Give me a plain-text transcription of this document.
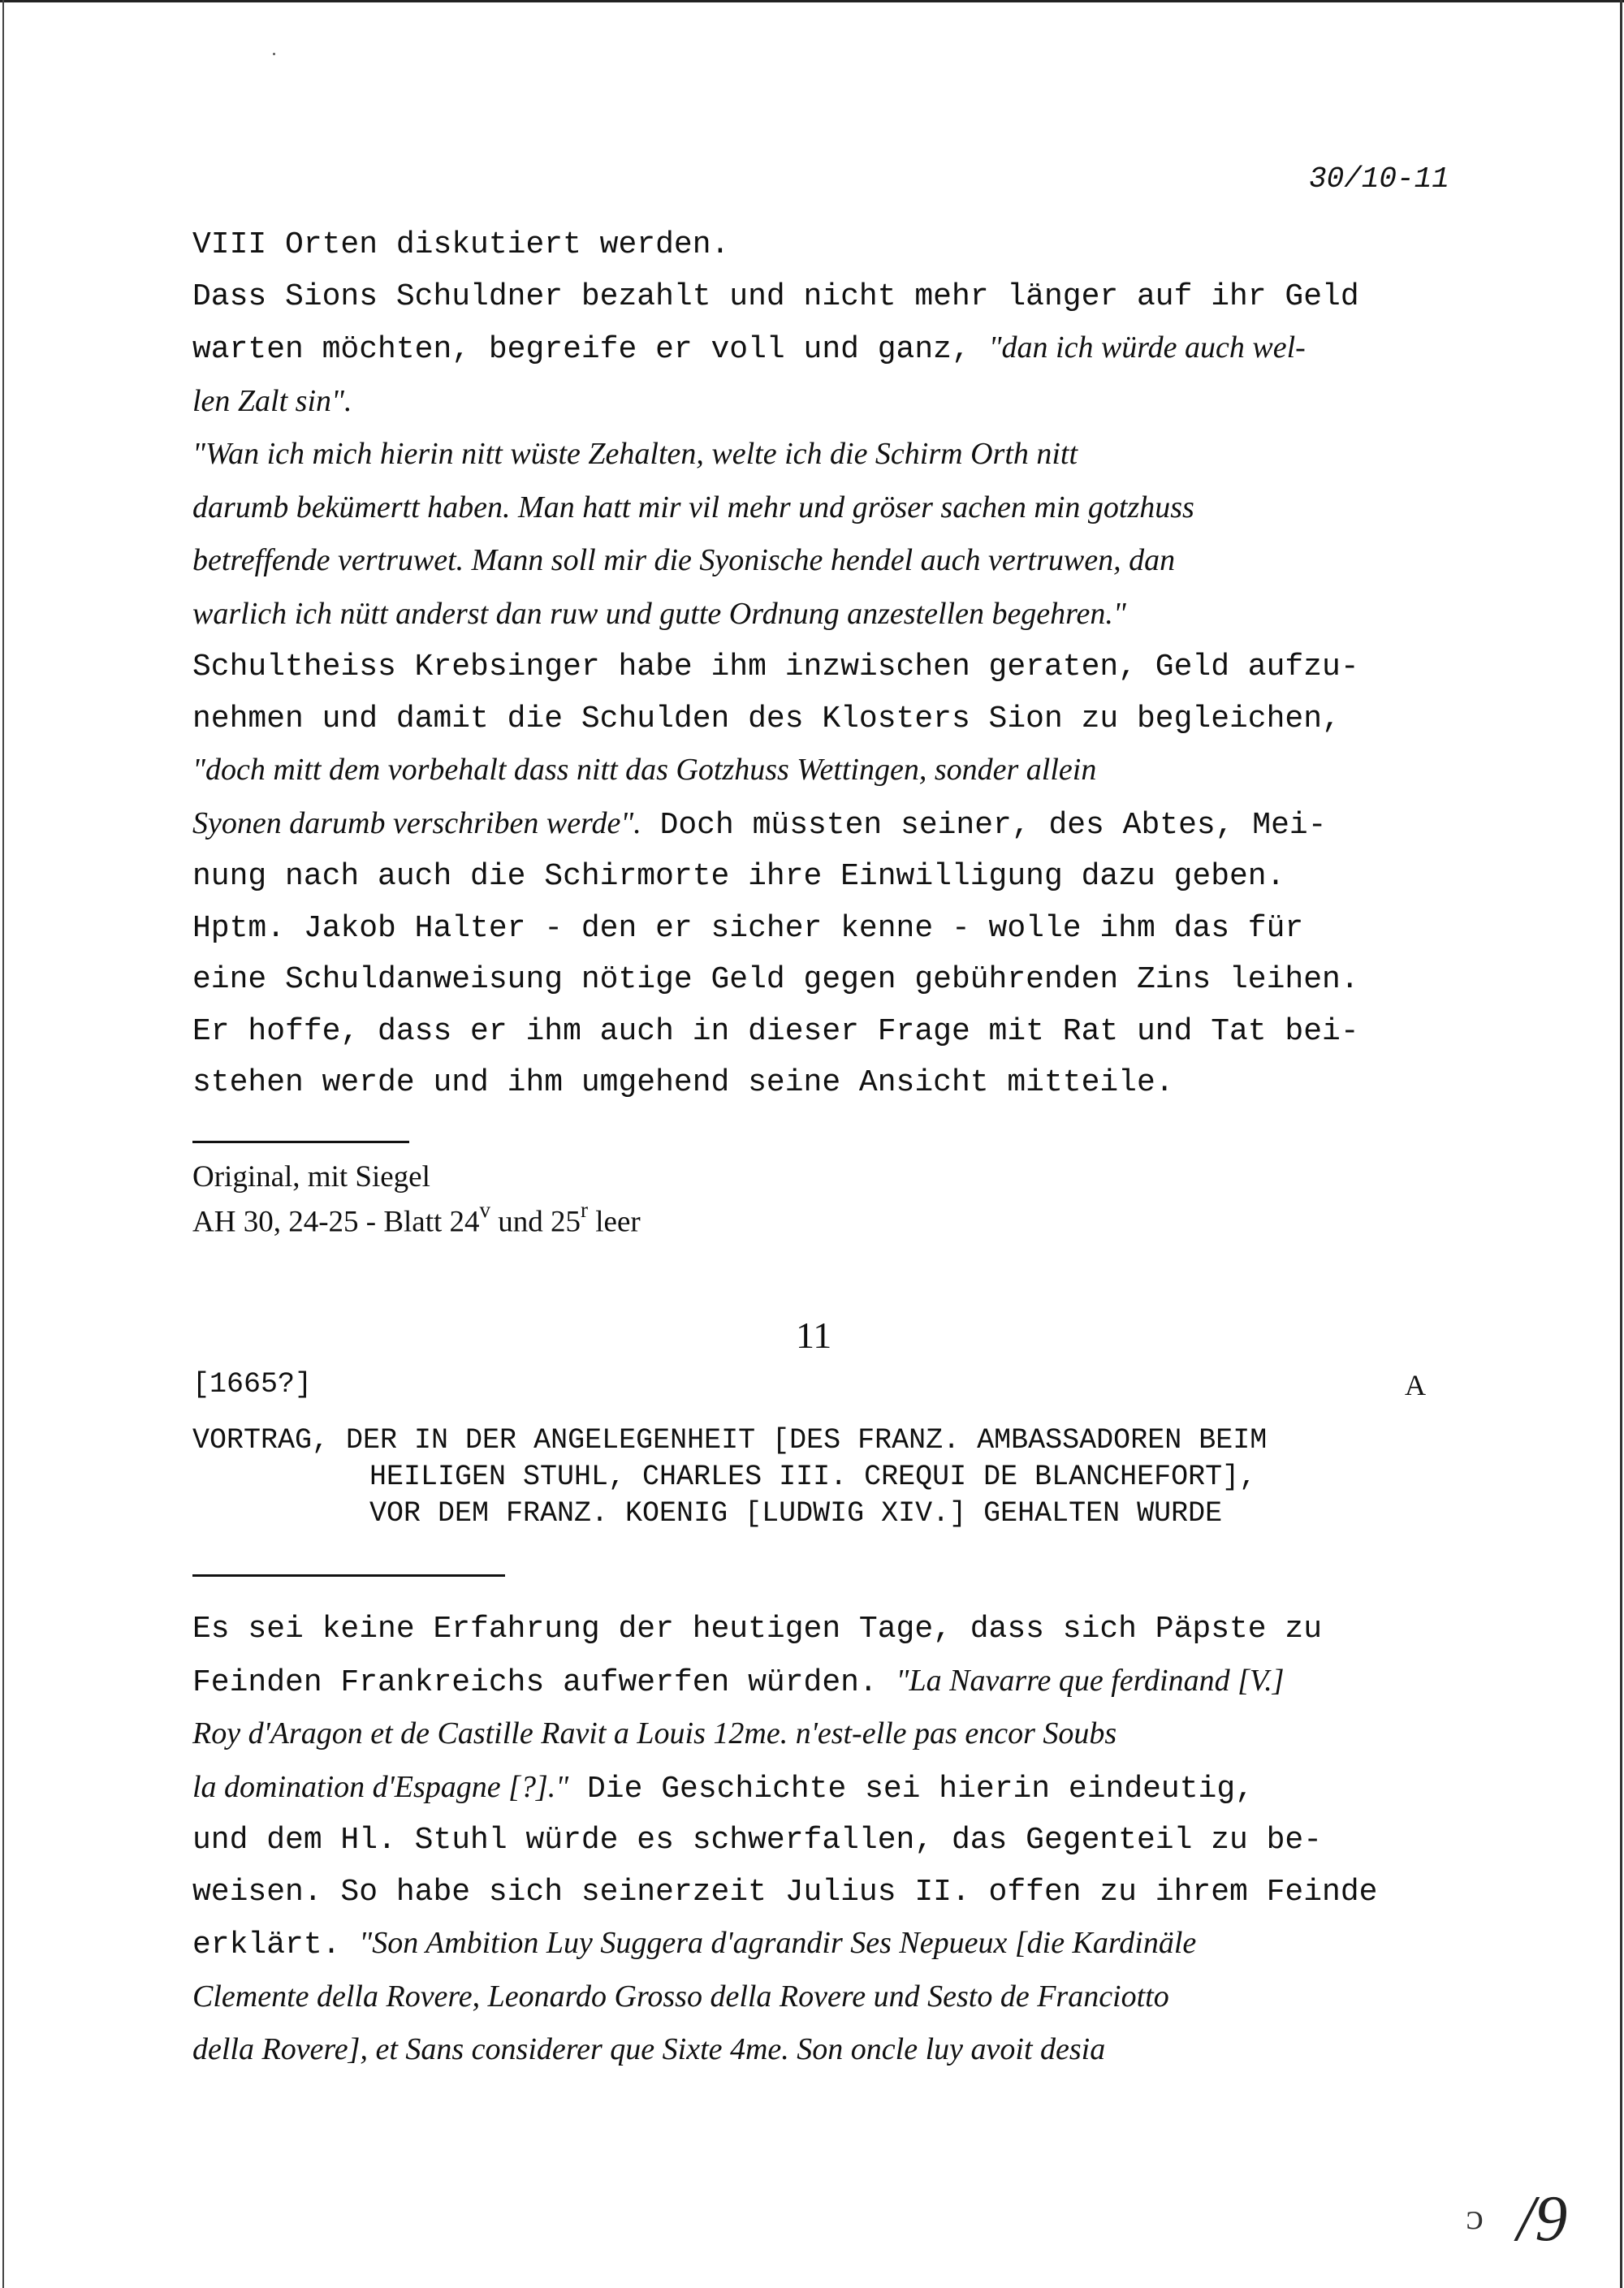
30/10-11
VIII Orten diskutiert werden.
Dass Sions Schuldner bezahlt und nicht mehr länger auf ihr Geld
warten möchten, begreife er voll und ganz, "dan ich würde auch wel-
len Zalt sin".
"Wan ich mich hierin nitt wüste Zehalten, welte ich die Schirm Orth nitt
darumb bekümertt haben. Man hatt mir vil mehr und gröser sachen min gotzhuss
betreffende vertruwet. Mann soll mir die Syonische hendel auch vertruwen, dan
warlich ich nütt anderst dan ruw und gutte Ordnung anzestellen begehren."
Schultheiss Krebsinger habe ihm inzwischen geraten, Geld aufzu-
nehmen und damit die Schulden des Klosters Sion zu begleichen,
"doch mitt dem vorbehalt dass nitt das Gotzhuss Wettingen, sonder allein
Syonen darumb verschriben werde". Doch müssten seiner, des Abtes, Mei-
nung nach auch die Schirmorte ihre Einwilligung dazu geben.
Hptm. Jakob Halter - den er sicher kenne - wolle ihm das für
eine Schuldanweisung nötige Geld gegen gebührenden Zins leihen.
Er hoffe, dass er ihm auch in dieser Frage mit Rat und Tat bei-
stehen werde und ihm umgehend seine Ansicht mitteile.
Original, mit Siegel
AH 30, 24-25 - Blatt 24$^v$ und 25$^r$ leer
11
[1665?]	A
VORTRAG, DER IN DER ANGELEGENHEIT [DES FRANZ. AMBASSADOREN BEIM
HEILIGEN STUHL, CHARLES III. CREQUI DE BLANCHEFORT],
VOR DEM FRANZ. KOENIG [LUDWIG XIV.] GEHALTEN WURDE
Es sei keine Erfahrung der heutigen Tage, dass sich Päpste zu
Feinden Frankreichs aufwerfen würden. "La Navarre que ferdinand [V.]
Roy d'Aragon et de Castille Ravit a Louis 12me. n'est-elle pas encor Soubs
la domination d'Espagne [?]." Die Geschichte sei hierin eindeutig,
und dem Hl. Stuhl würde es schwerfallen, das Gegenteil zu be-
weisen. So habe sich seinerzeit Julius II. offen zu ihrem Feinde
erklärt. "Son Ambition Luy Suggera d'agrandir Ses Nepueux [die Kardinäle
Clemente della Rovere, Leonardo Grosso della Rovere und Sesto de Franciotto
della Rovere], et Sans considerer que Sixte 4me. Son oncle luy avoit desia
ᴐ /9
